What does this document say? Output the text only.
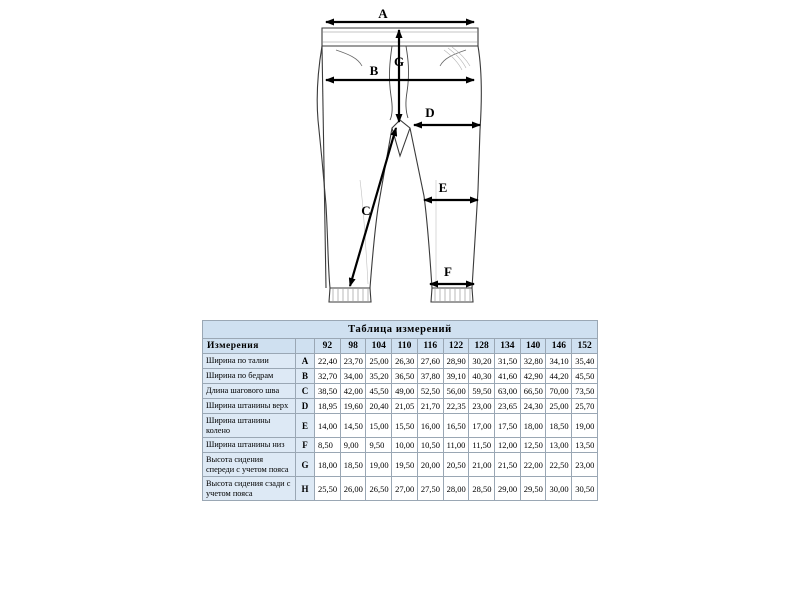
A
B
G
D
E
C
F
Таблица измерений												
Измерения		92	98	104	110	116	122	128	134	140	146	152
Ширина по талии	A	22,40	23,70	25,00	26,30	27,60	28,90	30,20	31,50	32,80	34,10	35,40
Ширина по бедрам	B	32,70	34,00	35,20	36,50	37,80	39,10	40,30	41,60	42,90	44,20	45,50
Длина шагового шва	C	38,50	42,00	45,50	49,00	52,50	56,00	59,50	63,00	66,50	70,00	73,50
Ширина штанины верх	D	18,95	19,60	20,40	21,05	21,70	22,35	23,00	23,65	24,30	25,00	25,70
Ширина штанины колено	E	14,00	14,50	15,00	15,50	16,00	16,50	17,00	17,50	18,00	18,50	19,00
Ширина штанины низ	F	8,50	9,00	9,50	10,00	10,50	11,00	11,50	12,00	12,50	13,00	13,50
Высота сидения спереди с учетом пояса	G	18,00	18,50	19,00	19,50	20,00	20,50	21,00	21,50	22,00	22,50	23,00
Высота сидения сзади с учетом пояса	H	25,50	26,00	26,50	27,00	27,50	28,00	28,50	29,00	29,50	30,00	30,50
